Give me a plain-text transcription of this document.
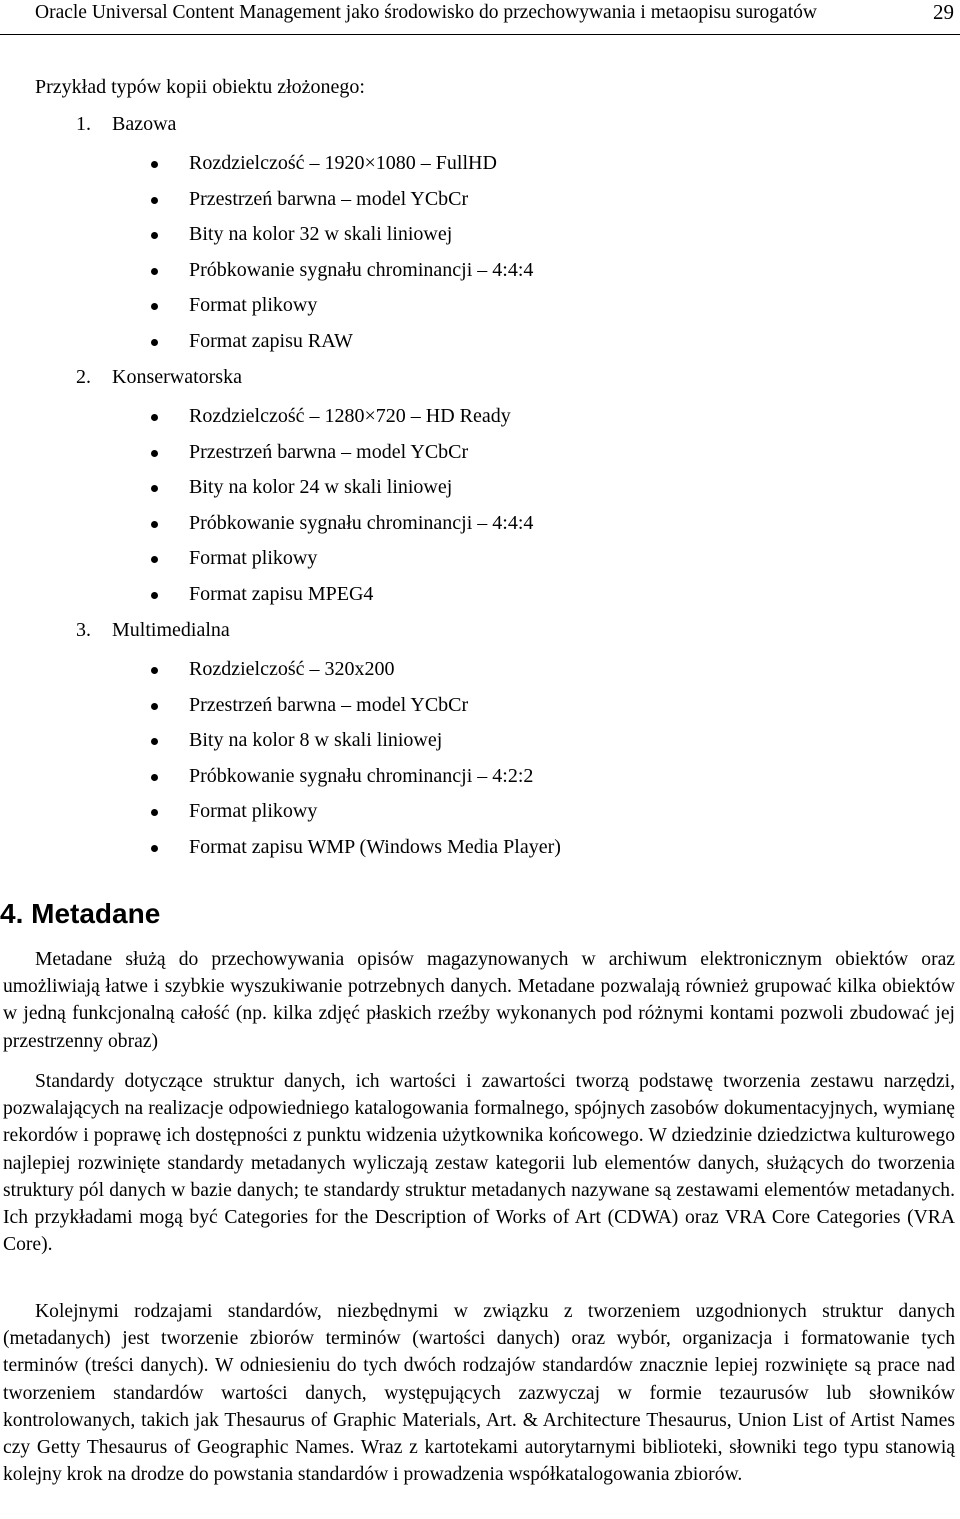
Oracle Universal Content Management jako środowisko do przechowywania i metaopisu surogatów	29
Przykład typów kopii obiektu złożonego:
1. Bazowa
Rozdzielczość – 1920×1080 – FullHD
Przestrzeń barwna – model YCbCr
Bity na kolor 32 w skali liniowej
Próbkowanie sygnału chrominancji – 4:4:4
Format plikowy
Format zapisu RAW
2. Konserwatorska
Rozdzielczość – 1280×720 – HD Ready
Przestrzeń barwna – model YCbCr
Bity na kolor 24 w skali liniowej
Próbkowanie sygnału chrominancji – 4:4:4
Format plikowy
Format zapisu MPEG4
3. Multimedialna
Rozdzielczość – 320x200
Przestrzeń barwna – model YCbCr
Bity na kolor 8 w skali liniowej
Próbkowanie sygnału chrominancji – 4:2:2
Format plikowy
Format zapisu WMP (Windows Media Player)
4. Metadane
Metadane służą do przechowywania opisów magazynowanych w archiwum elektronicznym obiektów oraz umożliwiają łatwe i szybkie wyszukiwanie potrzebnych danych. Metadane pozwalają również grupować kilka obiektów w jedną funkcjonalną całość (np. kilka zdjęć płaskich rzeźby wykonanych pod różnymi kontami pozwoli zbudować jej przestrzenny obraz)
Standardy dotyczące struktur danych, ich wartości i zawartości tworzą podstawę tworzenia zestawu narzędzi, pozwalających na realizacje odpowiedniego katalogowania formalnego, spójnych zasobów dokumentacyjnych, wymianę rekordów i poprawę ich dostępności z punktu widzenia użytkownika końcowego. W dziedzinie dziedzictwa kulturowego najlepiej rozwinięte standardy metadanych wyliczają zestaw kategorii lub elementów danych, służących do tworzenia struktury pól danych w bazie danych; te standardy struktur metadanych nazywane są zestawami elementów metadanych. Ich przykładami mogą być Categories for the Description of Works of Art (CDWA) oraz VRA Core Categories (VRA Core).
Kolejnymi rodzajami standardów, niezbędnymi w związku z tworzeniem uzgodnionych struktur danych (metadanych) jest tworzenie zbiorów terminów (wartości danych) oraz wybór, organizacja i formatowanie tych terminów (treści danych). W odniesieniu do tych dwóch rodzajów standardów znacznie lepiej rozwinięte są prace nad tworzeniem standardów wartości danych, występujących zazwyczaj w formie tezaurusów lub słowników kontrolowanych, takich jak Thesaurus of Graphic Materials, Art. & Architecture Thesaurus, Union List of Artist Names czy Getty Thesaurus of Geographic Names. Wraz z kartotekami autorytarnymi biblioteki, słowniki tego typu stanowią kolejny krok na drodze do powstania standardów i prowadzenia współkatalogowania zbiorów.
